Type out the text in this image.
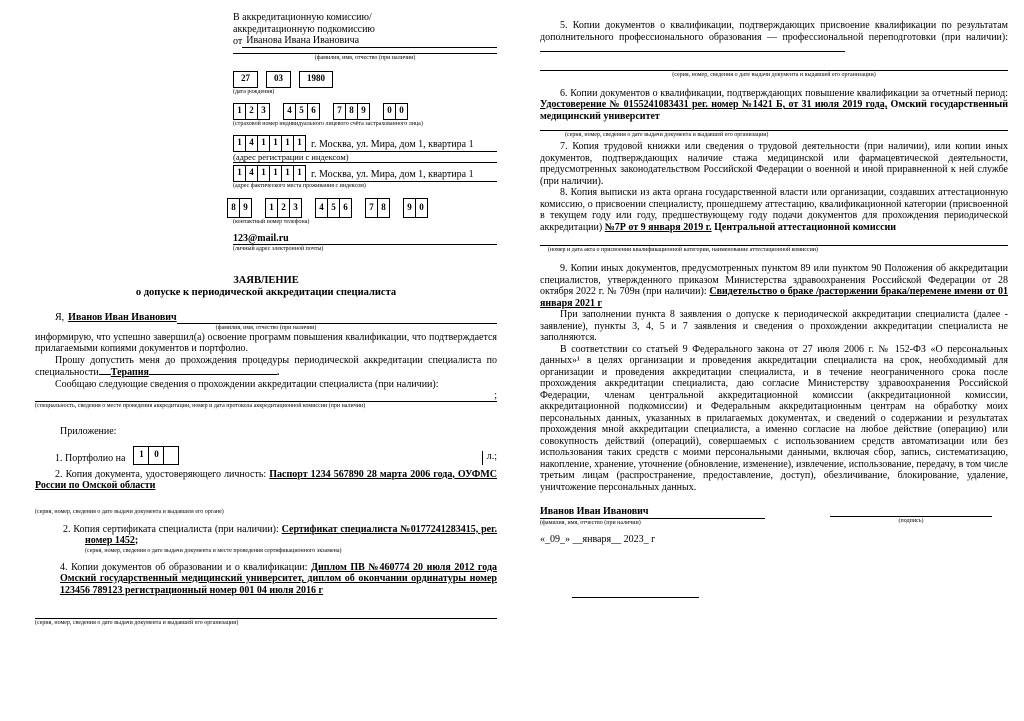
В аккредитационную комиссию/
аккредитационную подкомиссию
от Иванова Ивана Ивановича
(фамилия, имя, отчество (при наличии)
27	03	1980
(дата рождения)
1 2 3	4 5 6	7 8 9	0 0
(страховой номер индивидуального лицевого счёта застрахованного лица)
1 4 1 1 1 1 г. Москва, ул. Мира, дом 1, квартира 1
(адрес регистрации с индексом)
1 4 1 1 1 1 г. Москва, ул. Мира, дом 1, квартира 1
(адрес фактического места проживания с индексом)
8 9	1 2 3	4 5 6	7 8	9 0
(контактный номер телефона)
123@mail.ru
(личный адрес электронной почты)
ЗАЯВЛЕНИЕ
о допуске к периодической аккредитации специалиста
Я, Иванов Иван Иванович
(фамилия, имя, отчество (при наличии)

информирую, что успешно завершил(а) освоение программ повышения квалификации, что подтверждается прилагаемыми копиями документов и портфолио.

Прошу допустить меня до прохождения процедуры периодической аккредитации специалиста по специальности Терапия	.

Сообщаю следующие сведения о прохождении аккредитации специалиста (при наличии):

;
(специальность, сведения о месте проведения аккредитации, номер и дата протокола аккредитационной комиссии (при наличии)
Приложение:
1. Портфолио на	1	0	л.;

2. Копия документа, удостоверяющего личность: Паспорт 1234 567890 28 марта 2006 года, ОУФМС России по Омской области

(серия, номер, сведения о дате выдачи документа и выдавшем его органе)

2. Копия сертификата специалиста (при наличии): Сертификат специалиста №0177241283415, рег. номер 1452;

(серия, номер, сведения о дате выдачи документа и месте проведения сертификационного экзамена)

4. Копии документов об образовании и о квалификации: Диплом ПВ №460774 20 июля 2012 года Омский государственный медицинский университет, диплом об окончании ординатуры номер 123456 789123 регистрационный номер 001 04 июля 2016 г

(серия, номер, сведения о дате выдачи документа и выдавшей его организации)

5. Копии документов о квалификации, подтверждающих присвоение квалификации по результатам дополнительного профессионального образования — профессиональной переподготовки (при наличии):

(серия, номер, сведения о дате выдачи документа и выдавшей его организации)

6. Копии документов о квалификации, подтверждающих повышение квалификации за отчетный период: Удостоверение № 0155241083431 рег. номер №1421 Б, от 31 июля 2019 года, Омский государственный медицинский университет

(серия, номер, сведения о дате выдачи документа и выдавшей его организации)

7. Копия трудовой книжки или сведения о трудовой деятельности (при наличии), или копии иных документов, подтверждающих наличие стажа медицинской или фармацевтической деятельности, предусмотренных законодательством Российской Федерации о военной и иной приравненной к ней службе (при наличии).

8. Копия выписки из акта органа государственной власти или организации, создавших аттестационную комиссию, о присвоении специалисту, прошедшему аттестацию, квалификационной категории (присвоенной в текущем году или году, предшествующему году подачи документов для прохождения периодической аккредитации) №7Р от 9 января 2019 г. Центральной аттестационной комиссии

(номер и дата акта о присвоении квалификационной категории, наименование аттестационной комиссии)

9. Копии иных документов, предусмотренных пунктом 89 или пунктом 90 Положения об аккредитации специалистов, утвержденного приказом Министерства здравоохранения Российской Федерации от 28 октября 2022 г. № 709н (при наличии): Свидетельство о браке /расторжении брака/перемене имени от 01 января 2021 г

При заполнении пункта 8 заявления о допуске к периодической аккредитации специалиста (далее - заявление), пункты 3, 4, 5 и 7 заявления и сведения о прохождении аккредитации специалиста не заполняются.

В соответствии со статьей 9 Федерального закона от 27 июля 2006 г. № 152-ФЗ «О персональных данных»¹ в целях организации и проведения аккредитации специалиста на срок, необходимый для организации и проведения аккредитации специалиста, и в течение неограниченного срока после прохождения аккредитации специалиста, даю согласие Министерству здравоохранения Российской Федерации, членам центральной аккредитационной комиссии (аккредитационной комиссии, аккредитационной подкомиссии) и Федеральным аккредитационным центрам на обработку моих персональных данных, указанных в прилагаемых документах, и сведений о содержании и результатах прохождения мной аккредитации специалиста, а именно согласие на любое действие (операцию) или совокупность действий (операций), совершаемых с использованием средств автоматизации или без использования таких средств с моими персональными данными, включая сбор, запись, систематизацию, накопление, хранение, уточнение (обновление, изменение), извлечение, использование, передачу, в том числе третьим лицам (распространение, предоставление, доступ), обезличивание, блокирование, удаление, уничтожение персональных данных.

Иванов Иван Иванович
(фамилия, имя, отчество (при наличии)	(подпись)
«_09_» __января__ 2023_ г
